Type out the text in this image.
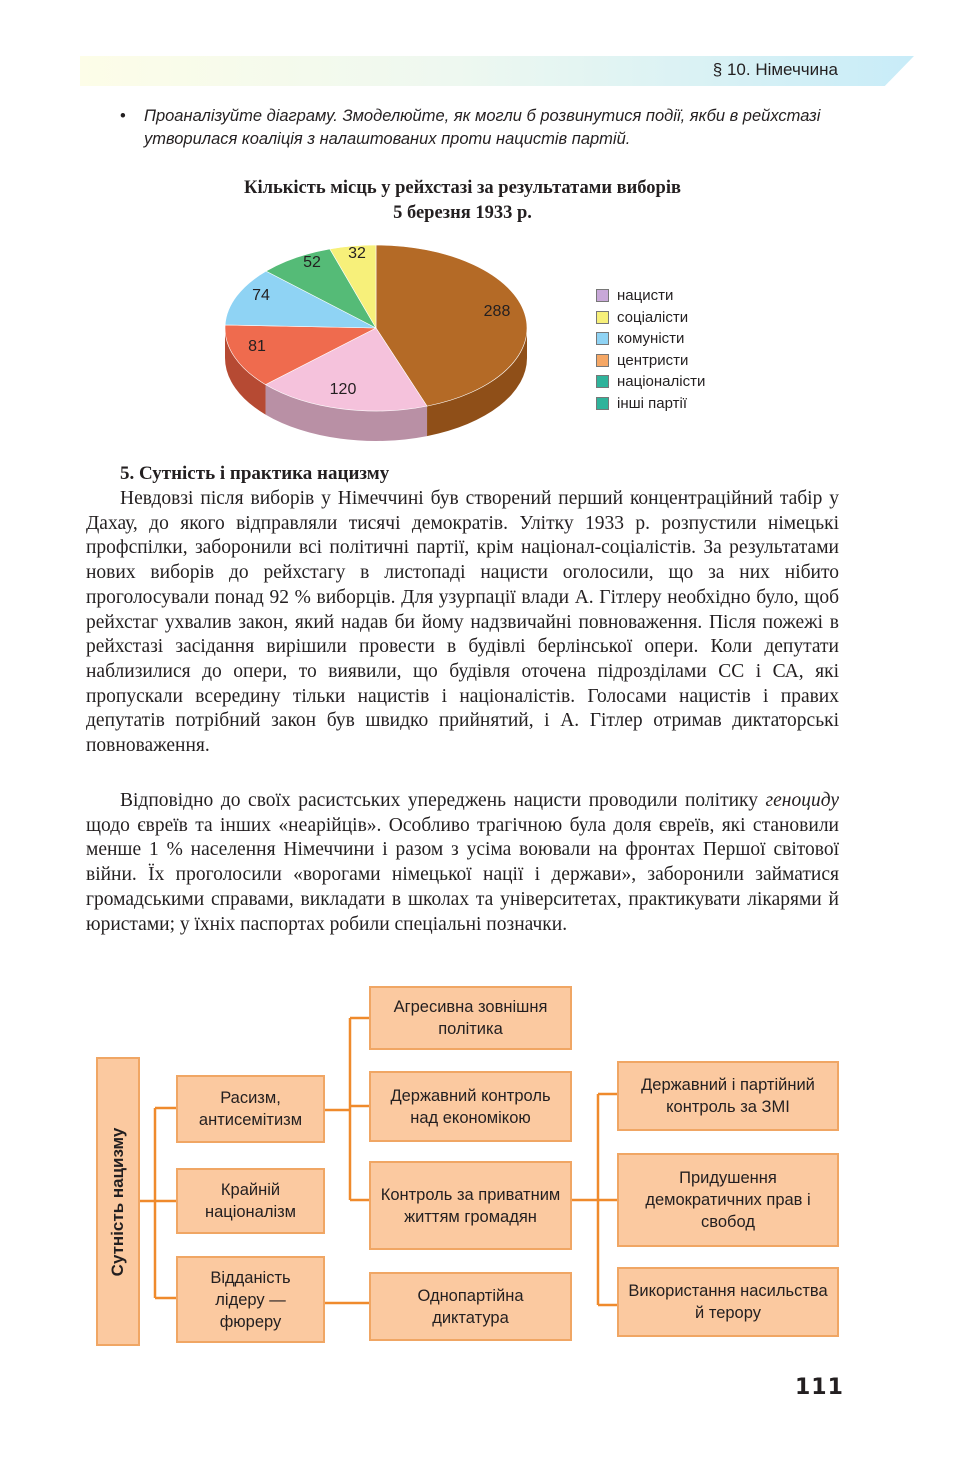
§ 10. Німеччина
•	Проаналізуйте діаграму. Змоделюйте, як могли б розвинутися події, якби в рейхстазі утворилася коаліція з налаштованих проти нацистів партій.
Кількість місць у рейхстазі за результатами виборів
5 березня 1933 р.
288
120
81
74
52
32
нацисти
соціалісти
комуністи
центристи
націоналісти
інші партії
5. Сутність і практика нацизму

Невдовзі після виборів у Німеччині був створений перший концентраційний табір у Дахау, до якого відправляли тисячі демократів. Улітку 1933 р. розпустили німецькі профспілки, заборонили всі політичні партії, крім націонал-соціалістів. За результатами нових виборів до рейхстагу в листопаді нацисти оголосили, що за них нібито проголосували понад 92 % виборців. Для узурпації влади А. Гітлеру необхідно було, щоб рейхстаг ухвалив закон, який надав би йому надзвичайні повноваження. Після пожежі в рейхстазі засідання вирішили провести в будівлі берлінської опери. Коли депутати наблизилися до опери, то виявили, що будівля оточена підрозділами СС і СА, які пропускали всередину тільки нацистів і націоналістів. Голосами нацистів і правих депутатів потрібний закон був швидко прийнятий, і А. Гітлер отримав диктаторські повноваження.

Відповідно до своїх расистських упереджень нацисти проводили політику геноциду щодо євреїв та інших «неарійців». Особливо трагічною була доля євреїв, які становили менше 1 % населення Німеччини і разом з усіма воювали на фронтах Першої світової війни. Їх проголосили «ворогами німецької нації і держави», заборонили займатися громадськими справами, викладати в школах та університетах, практикувати лікарями й юристами; у їхніх паспортах робили спеціальні позначки.

Сутність нацизму
Расизм, антисемітизм
Крайній націоналізм
Відданість лідеру — фюреру
Агресивна зовнішня політика
Державний контроль над економікою
Контроль за приватним життям громадян
Однопартійна диктатура
Державний і партійний контроль за ЗМІ
Придушення демократичних прав і свобод
Використання насильства й терору
111
